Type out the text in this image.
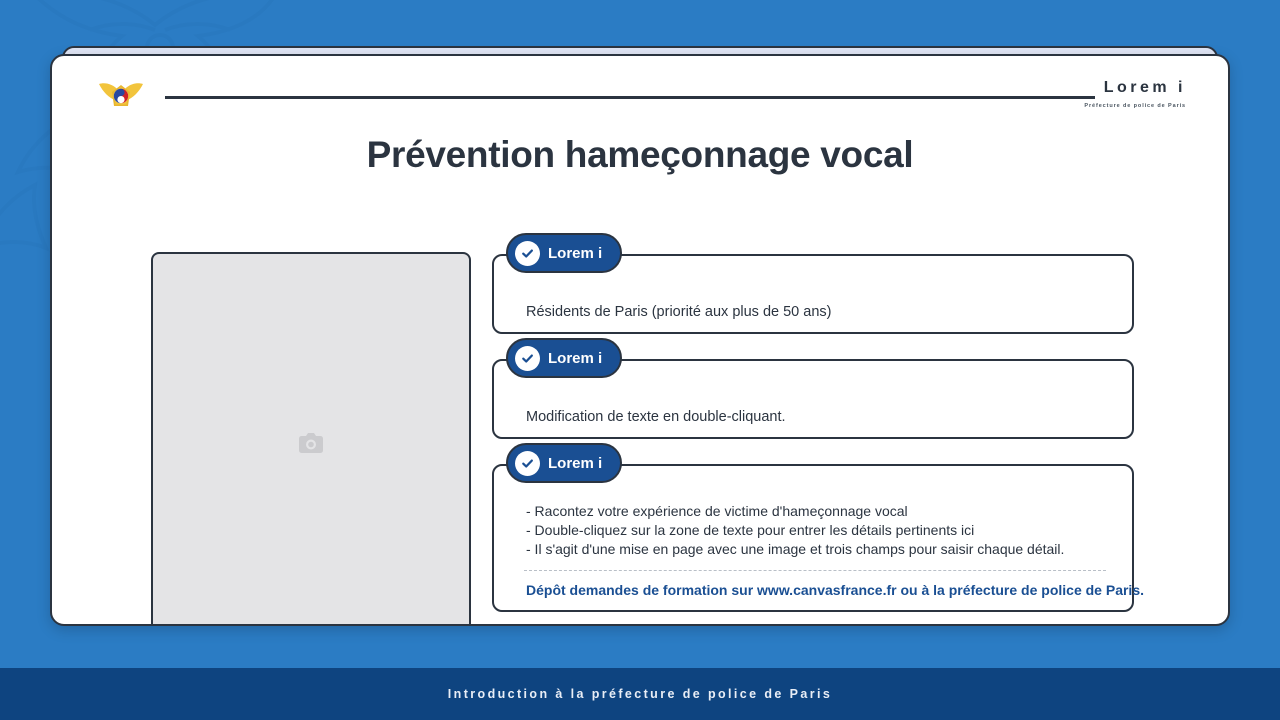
Lorem i
Préfecture de police de Paris
Prévention hameçonnage vocal
Lorem i
Résidents de Paris (priorité aux plus de 50 ans)
Lorem i
Modification de texte en double-cliquant.
Lorem i
- Racontez votre expérience de victime d'hameçonnage vocal
- Double-cliquez sur la zone de texte pour entrer les détails pertinents ici
- Il s'agit d'une mise en page avec une image et trois champs pour saisir chaque détail.
Dépôt demandes de formation sur www.canvasfrance.fr ou à la préfecture de police de Paris.
Introduction à la préfecture de police de Paris
